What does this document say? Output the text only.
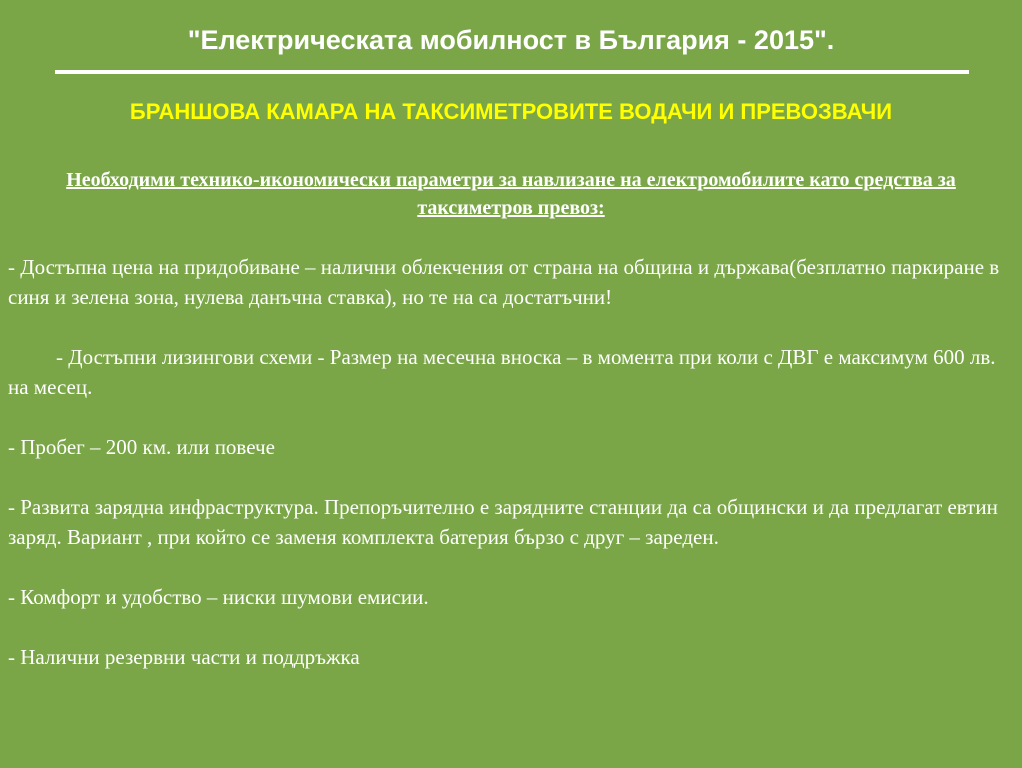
"Електрическата мобилност в България - 2015".
БРАНШОВА КАМАРА НА ТАКСИМЕТРОВИТЕ ВОДАЧИ И ПРЕВОЗВАЧИ
Необходими технико-икономически параметри за навлизане на електромобилите като средства за таксиметров превоз:

- Достъпна цена на придобиване – налични облекчения от страна на община и държава(безплатно паркиране в синя и зелена зона, нулева данъчна ставка), но те на са достатъчни!

- Достъпни лизингови схеми - Размер на месечна вноска – в момента при коли с ДВГ е максимум 600 лв. на месец.

- Пробег – 200 км. или повече

- Развита зарядна инфраструктура. Препоръчително е зарядните станции да са общински и да предлагат евтин заряд. Вариант , при който се заменя комплекта батерия бързо с друг – зареден.

- Комфорт и удобство – ниски шумови емисии.

- Налични резервни части и поддръжка
